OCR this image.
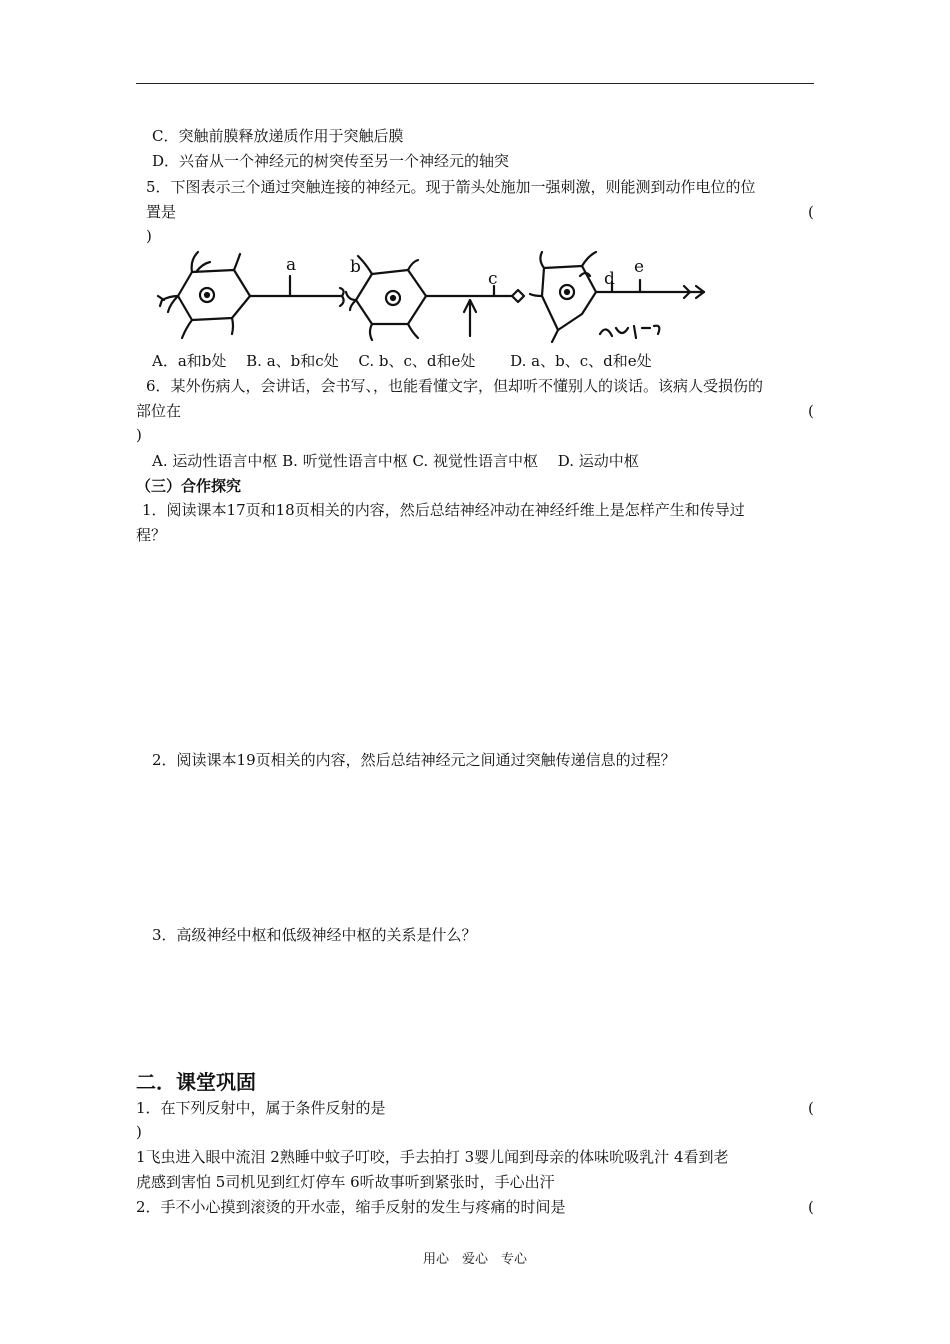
C．突触前膜释放递质作用于突触后膜
D．兴奋从一个神经元的树突传至另一个神经元的轴突
5．下图表示三个通过突触连接的神经元。现于箭头处施加一强刺激，则能测到动作电位的位
置是	(
)
a	b
c	d
e
A．a和b处　 B. a、b和c处　 C. b、c、d和e处　　 D. a、b、c、d和e处
6．某外伤病人，会讲话，会书写、，也能看懂文字，但却听不懂别人的谈话。该病人受损伤的
部位在	(
)
A. 运动性语言中枢 B. 听觉性语言中枢 C. 视觉性语言中枢　 D. 运动中枢
（三）合作探究
1．阅读课本17页和18页相关的内容，然后总结神经冲动在神经纤维上是怎样产生和传导过
程？
2．阅读课本19页相关的内容，然后总结神经元之间通过突触传递信息的过程？
3．高级神经中枢和低级神经中枢的关系是什么？
二．课堂巩固
1．在下列反射中，属于条件反射的是	(
)
1飞虫进入眼中流泪 2熟睡中蚊子叮咬，手去拍打 3婴儿闻到母亲的体味吮吸乳汁 4看到老
虎感到害怕 5司机见到红灯停车 6听故事听到紧张时，手心出汗
2．手不小心摸到滚烫的开水壶，缩手反射的发生与疼痛的时间是	(
用心　爱心　专心
